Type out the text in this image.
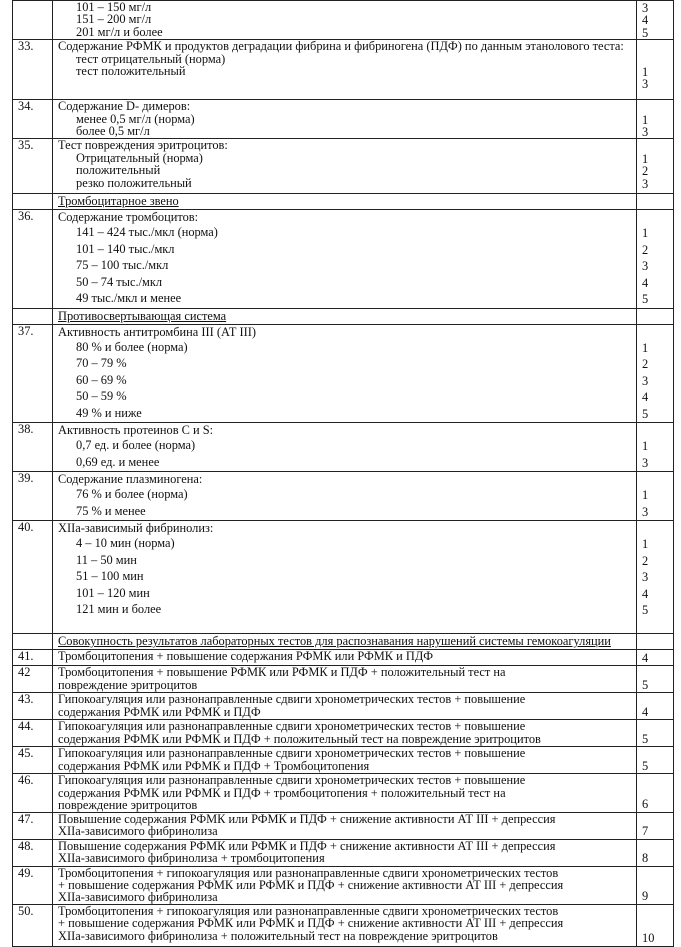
101 – 150 мг/л
151 – 200 мг/л
201 мг/л и более

3
4
5

33.	Содержание РФМК и продуктов деградации фибрина и фибриногена (ПДФ) по данным этанолового теста:
тест отрицательный (норма)
тест положительный	1
3

34.	Содержание D- димеров:
менее 0,5 мг/л (норма)
более 0,5 мг/л

1
3

35.	Тест повреждения эритроцитов:
Отрицательный (норма)
положительный
резко положительный

1
2
3

Тромбоцитарное звено

36.	Содержание тромбоцитов:
141 – 424 тыс./мкл (норма)
101 – 140 тыс./мкл
75 – 100 тыс./мкл
50 – 74 тыс./мкл
49 тыс./мкл и менее

1
2
3
4
5

Противосвертывающая система

37.	Активность антитромбина III (АТ III)
80 % и более (норма)
70 – 79 %
60 – 69 %
50 – 59 %
49 % и ниже

1
2
3
4
5

38.	Активность протеинов С и S:
0,7 ед. и более (норма)
0,69 ед. и менее

1
3

39.	Содержание плазминогена:
76 % и более (норма)
75 % и менее

1
3

40.	XIIa-зависимый фибринолиз:
4 – 10 мин (норма)
11 – 50 мин
51 – 100 мин
101 – 120 мин
121 мин и более

1
2
3
4
5

Совокупность результатов лабораторных тестов для распознавания нарушений системы гемокоагуляции

41.	Тромбоцитопения + повышение содержания РФМК или РФМК и ПДФ	4

42	Тромбоцитопения + повышение РФМК или РФМК и ПДФ + положительный тест на
повреждение эритроцитов	5

43.	Гипокоагуляция или разнонаправленные сдвиги хронометрических тестов + повышение
содержания РФМК или РФМК и ПДФ	4

44.	Гипокоагуляция или разнонаправленные сдвиги хронометрических тестов + повышение
содержания РФМК или РФМК и ПДФ + положительный тест на повреждение эритроцитов	5

45.	Гипокоагуляция или разнонаправленные сдвиги хронометрических тестов + повышение
содержания РФМК или РФМК и ПДФ + Тромбоцитопения	5

46.	Гипокоагуляция или разнонаправленные сдвиги хронометрических тестов + повышение
содержания РФМК или РФМК и ПДФ + тромбоцитопения + положительный тест на
повреждение эритроцитов	6

47.	Повышение содержания РФМК или РФМК и ПДФ + снижение активности АТ III + депрессия
XIIa-зависимого фибринолиза	7

48.	Повышение содержания РФМК или РФМК и ПДФ + снижение активности АТ III + депрессия
XIIa-зависимого фибринолиза + тромбоцитопения	8

49.	Тромбоцитопения + гипокоагуляция или разнонаправленные сдвиги хронометрических тестов
+ повышение содержания РФМК или РФМК и ПДФ + снижение активности АТ III + депрессия
XIIa-зависимого фибринолиза	9

50.	Тромбоцитопения + гипокоагуляция или разнонаправленные сдвиги хронометрических тестов
+ повышение содержания РФМК или РФМК и ПДФ + снижение активности АТ III + депрессия
XIIa-зависимого фибринолиза + положительный тест на повреждение эритроцитов	10
